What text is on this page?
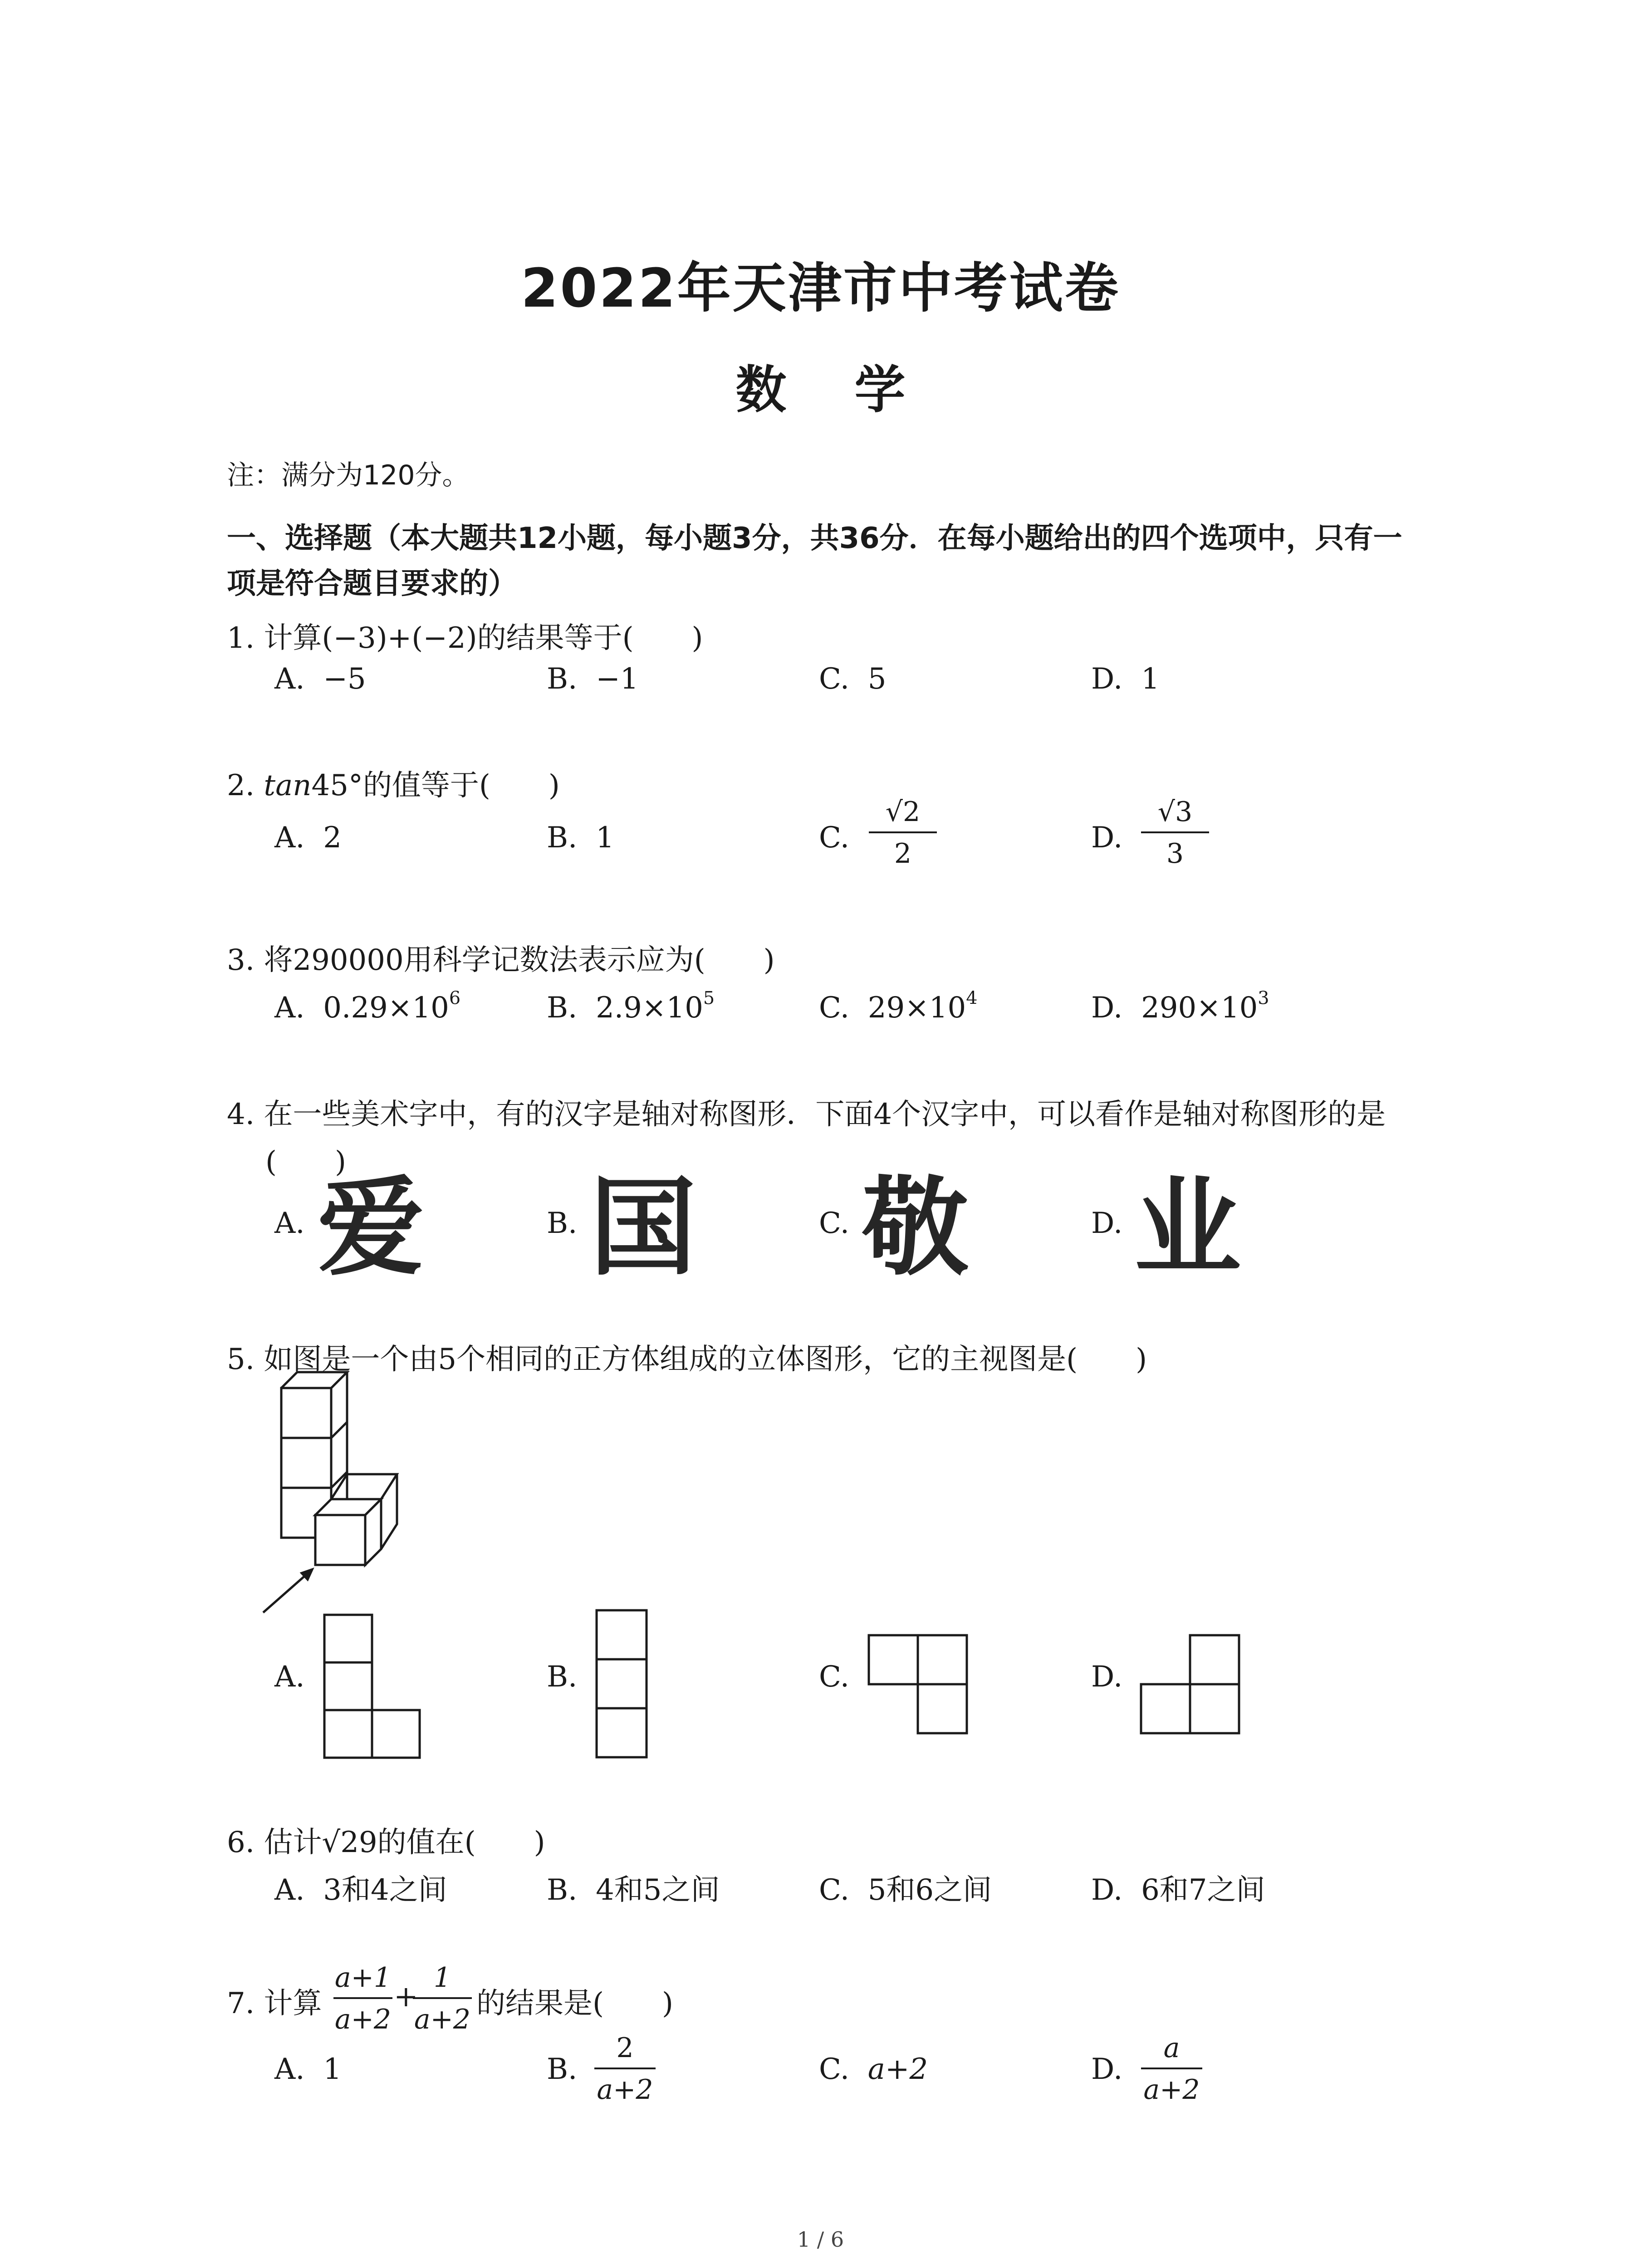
2022年天津市中考试卷
数学
注：满分为120分。
一、选择题（本大题共12小题，每小题3分，共36分．在每小题给出的四个选项中，只有一
项是符合题目要求的）
1. 计算(−3)+(−2)的结果等于(　　)
A. −5	B. −1	C. 5	D. 1
2. tan45°的值等于(　　)
A. 2	B. 1	C.
√2
2	D.
√3
3
3. 将290000用科学记数法表示应为(　　)
A. $0.29\times 10^6$	B. $2.9\times 10^5$	C. $29\times 10^4$	D. $290\times 10^3$
4. 在一些美术字中，有的汉字是轴对称图形．下面4个汉字中，可以看作是轴对称图形的是
(　　)
A. 爱	B. 国	C. 敬	D. 业
5. 如图是一个由5个相同的正方体组成的立体图形，它的主视图是(　　)
A.	B.	C.	D.
6. 估计√29的值在(　　)
A. 3和4之间	B. 4和5之间	C. 5和6之间	D. 6和7之间
7. 计算
a+1
a+2
+
1
a+2 的结果是(　　)
A. 1	B.
2
a+2
C. a+2	D.
a
a+2
1 / 6
